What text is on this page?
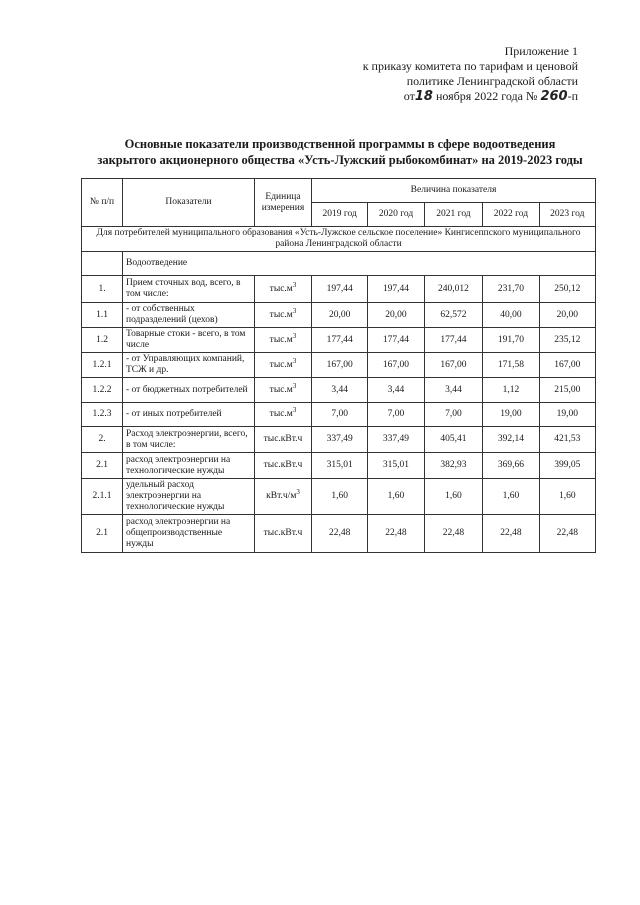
Приложение 1
к приказу комитета по тарифам и ценовой
политике Ленинградской области
от18 ноября 2022 года № 260-п
Основные показатели производственной программы в сфере водоотведения
закрытого акционерного общества «Усть-Лужский рыбокомбинат» на 2019-2023 годы
№ п/п	Показатели	Единица измерения	Величина показателя				
			2019 год	2020 год	2021 год	2022 год	2023 год
Для потребителей муниципального образования «Усть-Лужское сельское поселение» Кингисеппского муниципального района Ленинградской области							
	Водоотведение						
1.	Прием сточных вод, всего, в том числе:	$тыс.м^3$	197,44	197,44	240,012	231,70	250,12
1.1	- от собственных подразделений (цехов)	$тыс.м^3$	20,00	20,00	62,572	40,00	20,00
1.2	Товарные стоки - всего, в том числе	$тыс.м^3$	177,44	177,44	177,44	191,70	235,12
1.2.1	- от Управляющих компаний, ТСЖ и др.	$тыс.м^3$	167,00	167,00	167,00	171,58	167,00
1.2.2	- от бюджетных потребителей	$тыс.м^3$	3,44	3,44	3,44	1,12	215,00
1.2.3	- от иных потребителей	$тыс.м^3$	7,00	7,00	7,00	19,00	19,00
2.	Расход электроэнергии, всего, в том числе:	тыс.кВт.ч	337,49	337,49	405,41	392,14	421,53
2.1	расход электроэнергии на технологические нужды	тыс.кВт.ч	315,01	315,01	382,93	369,66	399,05
2.1.1	удельный расход электроэнергии на технологические нужды	$кВт.ч/м^3$	1,60	1,60	1,60	1,60	1,60
2.1	расход электроэнергии на общепроизводственные нужды	тыс.кВт.ч	22,48	22,48	22,48	22,48	22,48
